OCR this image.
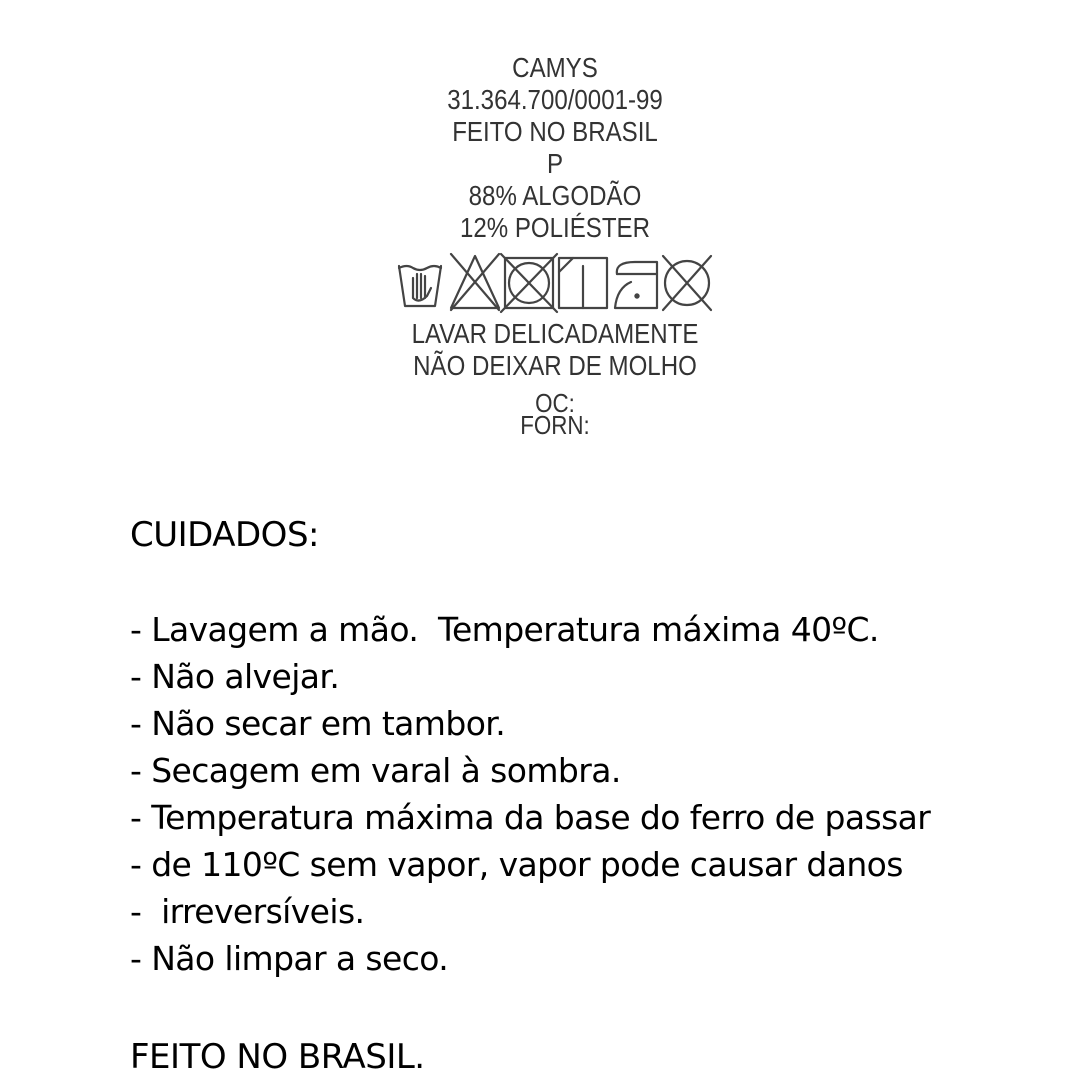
CAMYS
31.364.700/0001-99
FEITO NO BRASIL
P
88% ALGODÃO
12% POLIÉSTER
LAVAR DELICADAMENTE
NÃO DEIXAR DE MOLHO
OC:
FORN:
CUIDADOS:
- Lavagem a mão.  Temperatura máxima 40ºC.
- Não alvejar.
- Não secar em tambor.
- Secagem em varal à sombra.
- Temperatura máxima da base do ferro de passar
- de 110ºC sem vapor, vapor pode causar danos
-  irreversíveis.
- Não limpar a seco.
FEITO NO BRASIL.
